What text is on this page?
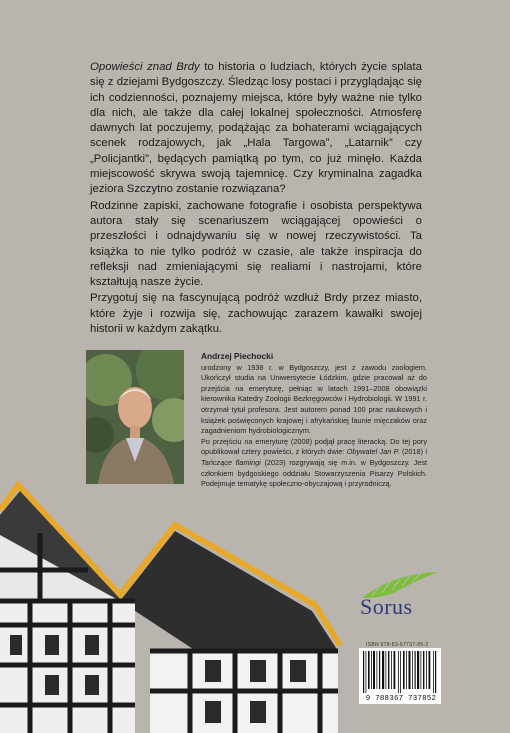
Opowieści znad Brdy to historia o ludziach, których życie splata się z dziejami Bydgoszczy. Śledząc losy postaci i przyglądając się ich codzienności, poznajemy miejsca, które były ważne nie tylko dla nich, ale także dla całej lokalnej społeczności. Atmosferę dawnych lat poczujemy, podążając za bohaterami wciągających scenek rodzajowych, jak „Hala Targowa”, „Latarnik” czy „Policjantki”, będących pamiątką po tym, co już minęło. Każda miejscowość skrywa swoją tajemnicę. Czy kryminalna zagadka jeziora Szczytno zostanie rozwiązana?

Rodzinne zapiski, zachowane fotografie i osobista perspektywa autora stały się scenariuszem wciągającej opowieści o przeszłości i odnajdywaniu się w nowej rzeczywistości. Ta książka to nie tylko podróż w czasie, ale także inspiracja do refleksji nad zmieniającymi się realiami i nastrojami, które kształtują nasze życie.

Przygotuj się na fascynującą podróż wzdłuż Brdy przez miasto, które żyje i rozwija się, zachowując zarazem kawałki swojej historii w każdym zakątku.

Andrzej Piechocki

urodzony w 1938 r. w Bydgoszczy, jest z zawodu zoologiem. Ukończył studia na Uniwersytecie Łódzkim, gdzie pracował aż do przejścia na emeryturę, pełniąc w latach 1991–2008 obowiązki kierownika Katedry Zoologii Bezkręgowców i Hydrobiologii. W 1991 r. otrzymał tytuł profesora. Jest autorem ponad 100 prac naukowych i książek poświęconych krajowej i afrykańskiej faunie mięczaków oraz zagadnieniom hydrobiologicznym.

Po przejściu na emeryturę (2008) podjął pracę literacką. Do tej pory opublikował cztery powieści, z których dwie: Obywatel Jan P. (2018) i Tańczące flamingi (2023) rozgrywają się m.in. w Bydgoszczy. Jest członkiem bydgoskiego oddziału Stowarzyszenia Pisarzy Polskich. Podejmuje tematykę społeczno-obyczajową i przyrodniczą.

Sorus
ISBN 978-83-67737-85-2
9 788367 737852
